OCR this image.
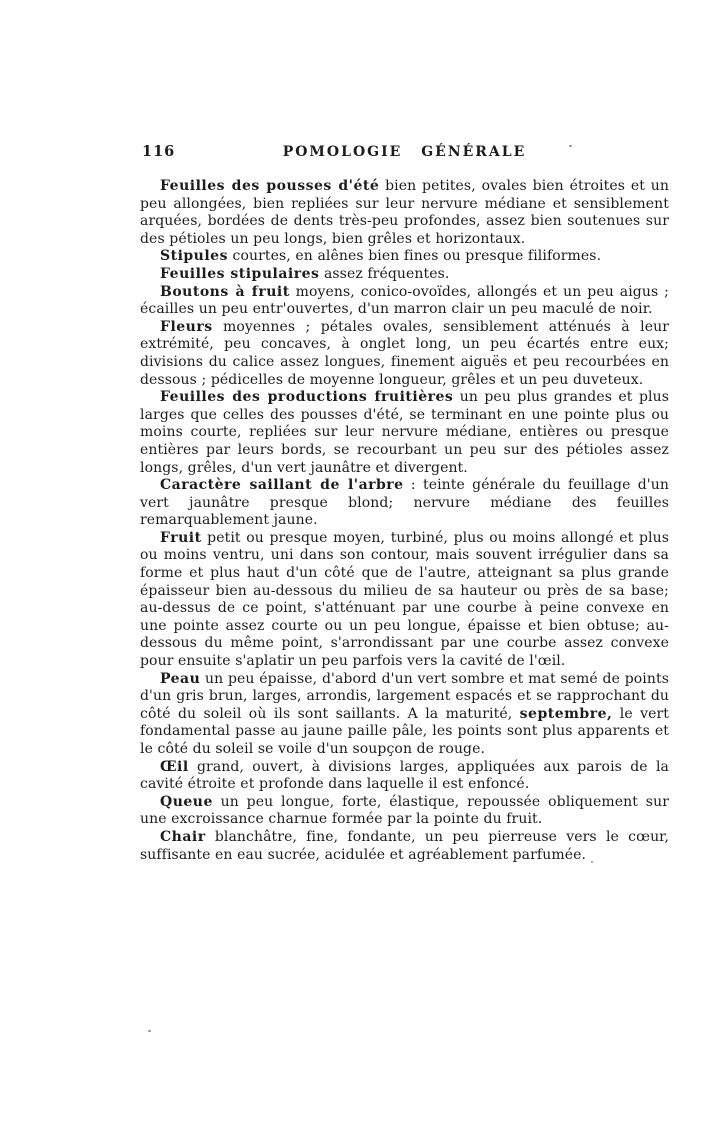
116	POMOLOGIE GÉNÉRALE

Feuilles des pousses d'été bien petites, ovales bien étroites et un peu allongées, bien repliées sur leur nervure médiane et sensiblement arquées, bordées de dents très-peu profondes, assez bien soutenues sur des pétioles un peu longs, bien grêles et horizontaux.

Stipules courtes, en alênes bien fines ou presque filiformes.

Feuilles stipulaires assez fréquentes.

Boutons à fruit moyens, conico-ovoïdes, allongés et un peu aigus ; écailles un peu entr'ouvertes, d'un marron clair un peu maculé de noir.

Fleurs moyennes ; pétales ovales, sensiblement atténués à leur extrémité, peu concaves, à onglet long, un peu écartés entre eux; divisions du calice assez longues, finement aiguës et peu recourbées en dessous ; pédicelles de moyenne longueur, grêles et un peu duveteux.

Feuilles des productions fruitières un peu plus grandes et plus larges que celles des pousses d'été, se terminant en une pointe plus ou moins courte, repliées sur leur nervure médiane, entières ou presque entières par leurs bords, se recourbant un peu sur des pétioles assez longs, grêles, d'un vert jaunâtre et divergent.

Caractère saillant de l'arbre : teinte générale du feuillage d'un vert jaunâtre presque blond; nervure médiane des feuilles remarquablement jaune.

Fruit petit ou presque moyen, turbiné, plus ou moins allongé et plus ou moins ventru, uni dans son contour, mais souvent irrégulier dans sa forme et plus haut d'un côté que de l'autre, atteignant sa plus grande épaisseur bien au-dessous du milieu de sa hauteur ou près de sa base; au-dessus de ce point, s'atténuant par une courbe à peine convexe en une pointe assez courte ou un peu longue, épaisse et bien obtuse; au-dessous du même point, s'arrondissant par une courbe assez convexe pour ensuite s'aplatir un peu parfois vers la cavité de l'œil.

Peau un peu épaisse, d'abord d'un vert sombre et mat semé de points d'un gris brun, larges, arrondis, largement espacés et se rapprochant du côté du soleil où ils sont saillants. A la maturité, septembre, le vert fondamental passe au jaune paille pâle, les points sont plus apparents et le côté du soleil se voile d'un soupçon de rouge.

Œil grand, ouvert, à divisions larges, appliquées aux parois de la cavité étroite et profonde dans laquelle il est enfoncé.

Queue un peu longue, forte, élastique, repoussée obliquement sur une excroissance charnue formée par la pointe du fruit.

Chair blanchâtre, fine, fondante, un peu pierreuse vers le cœur, suffisante en eau sucrée, acidulée et agréablement parfumée.
